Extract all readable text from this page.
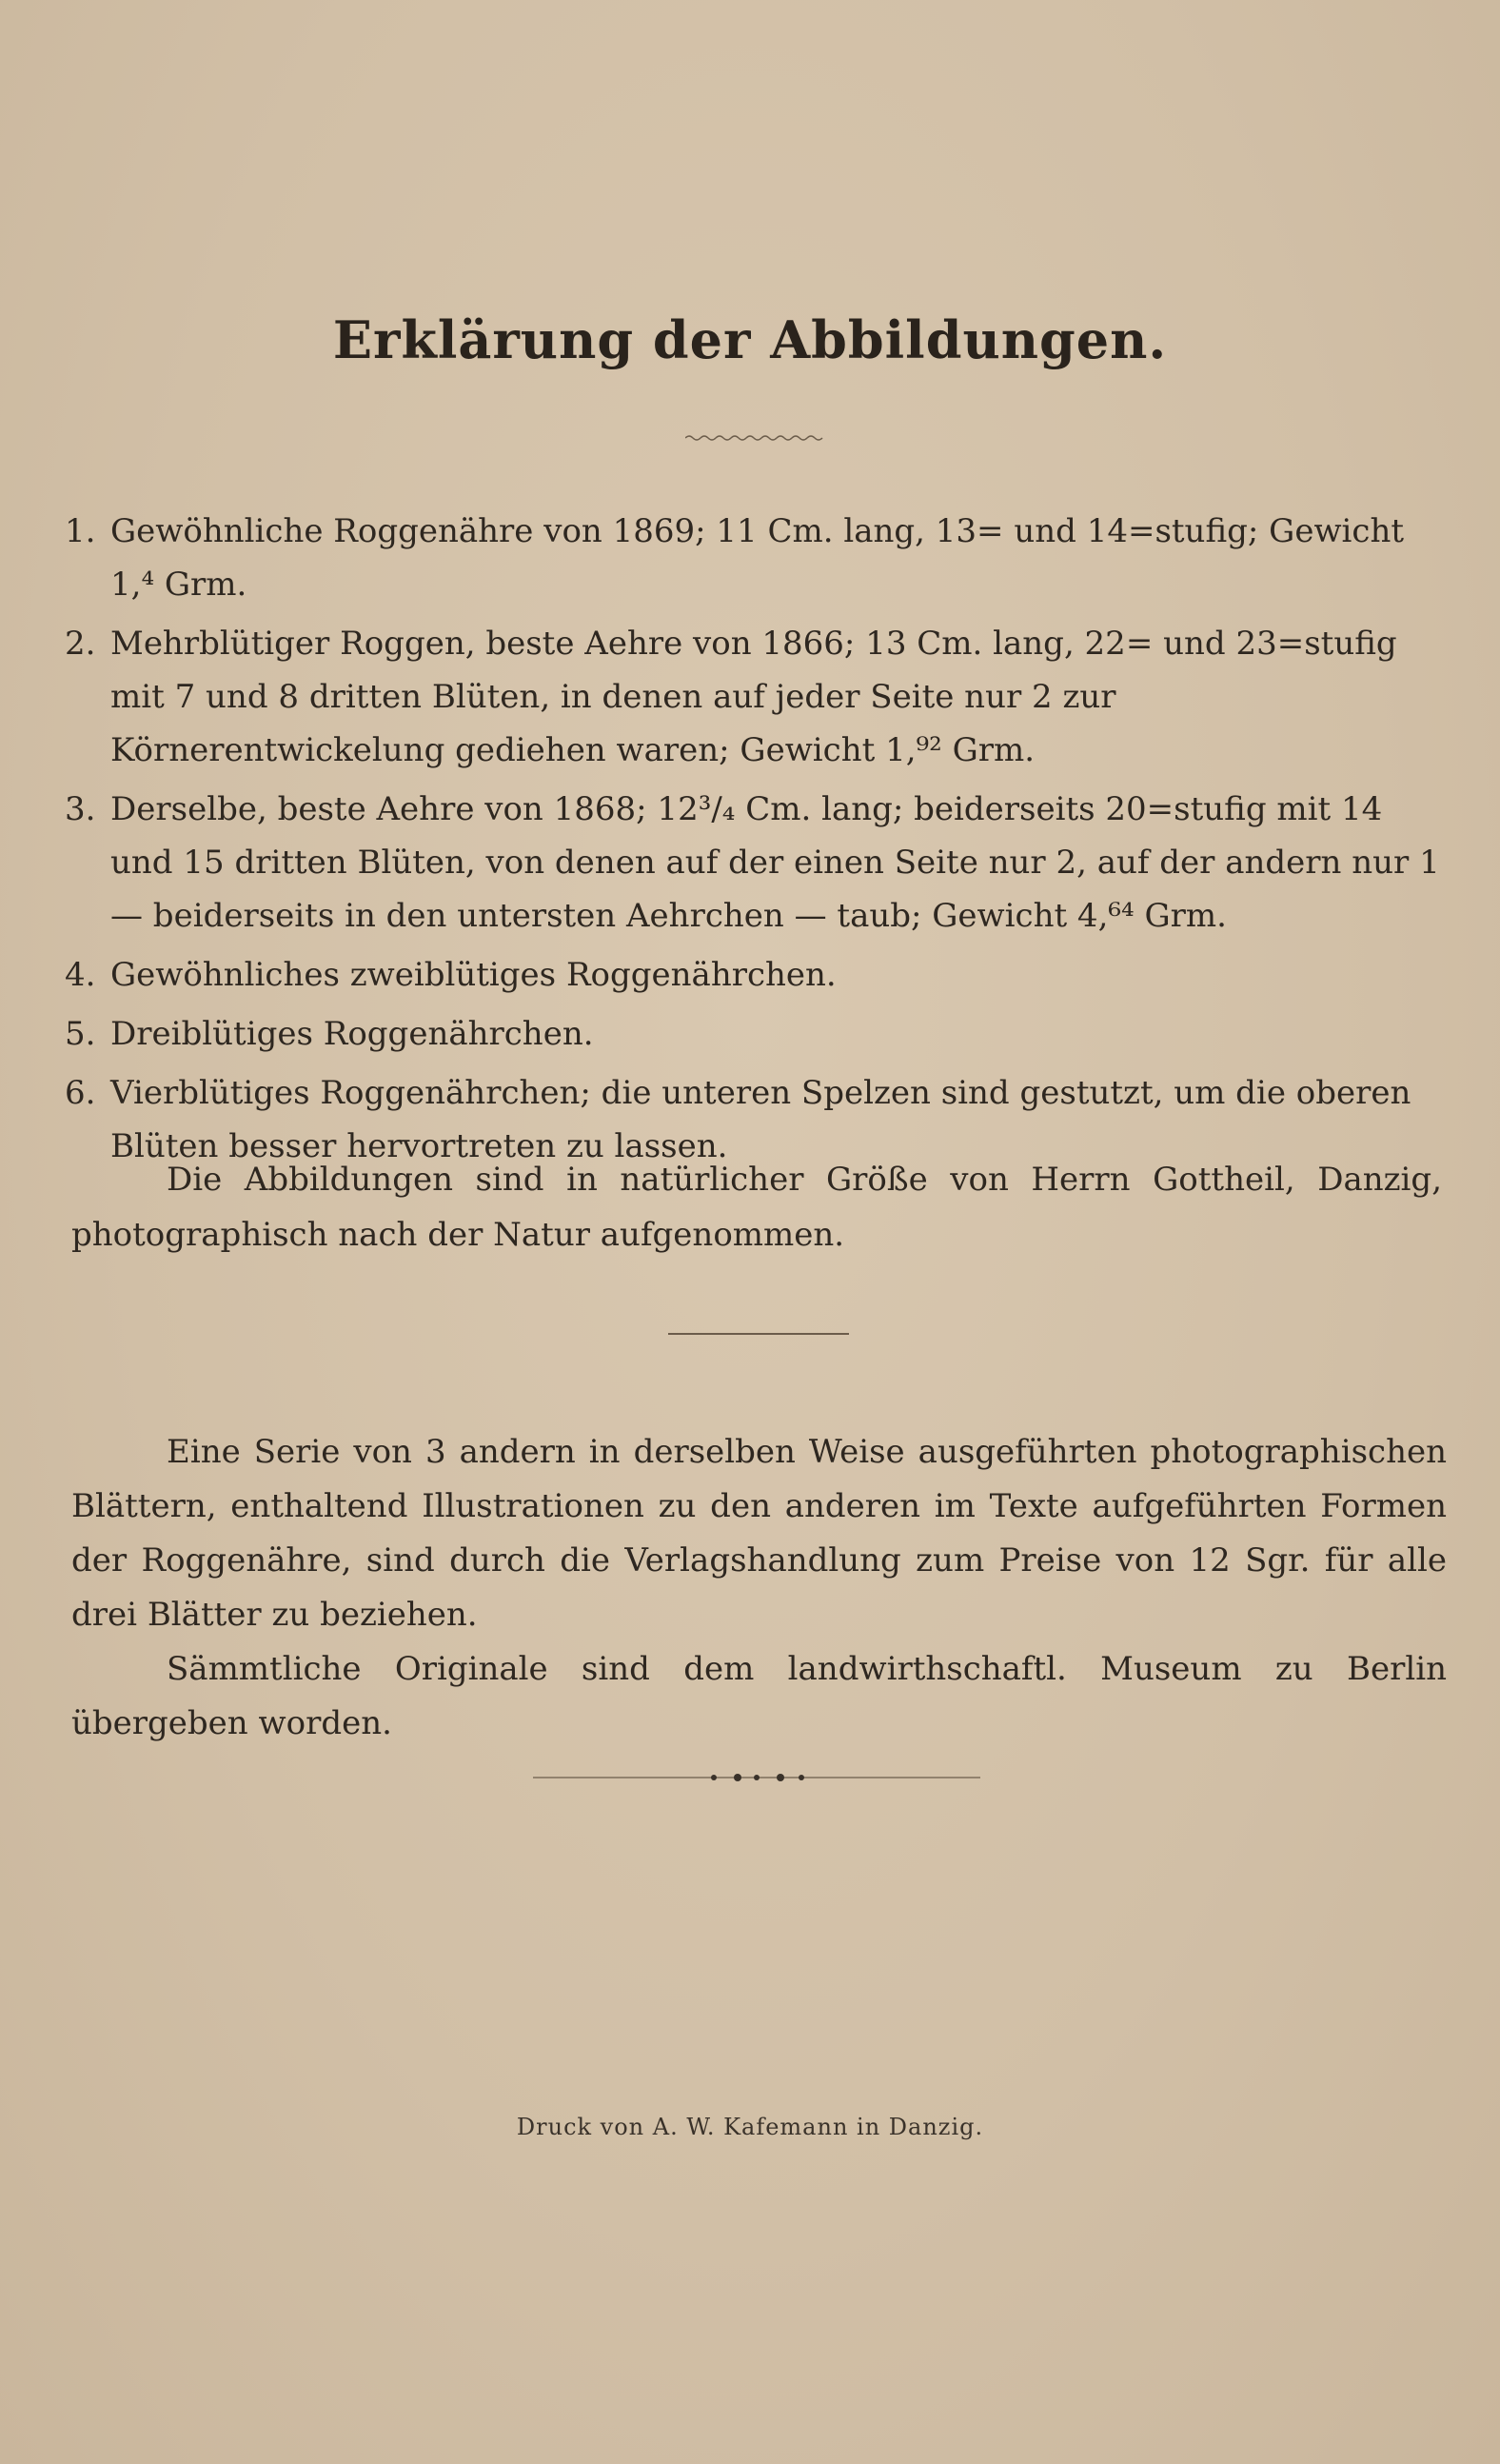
Erklärung der Abbildungen.
1. Gewöhnliche Roggenähre von 1869; 11 Cm. lang, 13= und 14=stufig; Gewicht 1,⁴ Grm.
2. Mehrblütiger Roggen, beste Aehre von 1866; 13 Cm. lang, 22= und 23=stufig mit 7 und 8 dritten Blüten, in denen auf jeder Seite nur 2 zur Körnerentwickelung gediehen waren; Gewicht 1,⁹² Grm.
3. Derselbe, beste Aehre von 1868; 12³/₄ Cm. lang; beiderseits 20=stufig mit 14 und 15 dritten Blüten, von denen auf der einen Seite nur 2, auf der andern nur 1 — beiderseits in den untersten Aehrchen — taub; Gewicht 4,⁶⁴ Grm.
4. Gewöhnliches zweiblütiges Roggenährchen.
5. Dreiblütiges Roggenährchen.
6. Vierblütiges Roggenährchen; die unteren Spelzen sind gestutzt, um die oberen Blüten besser hervortreten zu lassen.
Die Abbildungen sind in natürlicher Größe von Herrn Gottheil, Danzig, photographisch nach der Natur aufgenommen.
Eine Serie von 3 andern in derselben Weise ausgeführten photographischen Blättern, enthaltend Illustrationen zu den anderen im Texte aufgeführten Formen der Roggenähre, sind durch die Verlagshandlung zum Preise von 12 Sgr. für alle drei Blätter zu beziehen.
Sämmtliche Originale sind dem landwirthschaftl. Museum zu Berlin übergeben worden.
Druck von A. W. Kafemann in Danzig.
